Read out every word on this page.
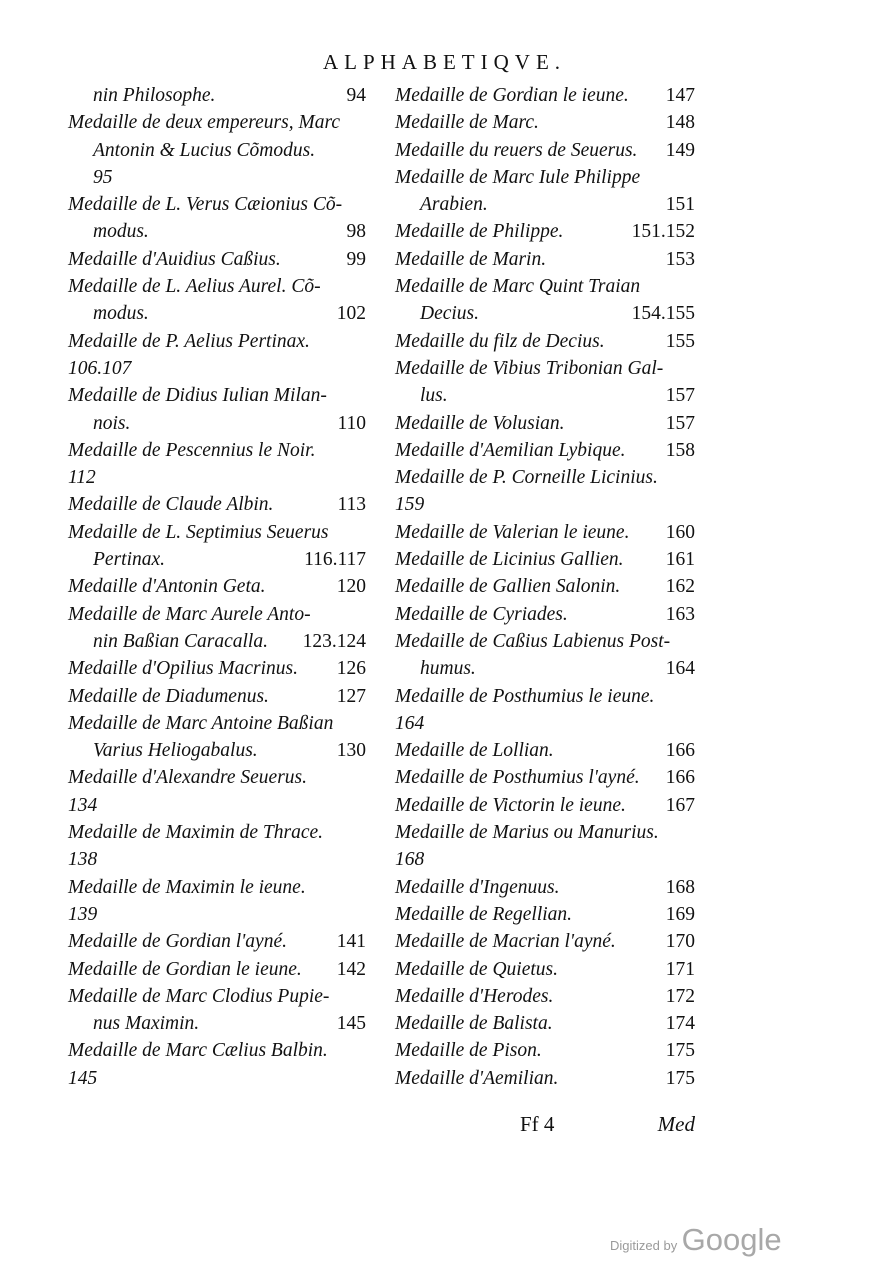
ALPHABETIQVE.
nin Philosophe.	94
Medaille de deux empereurs, Marc
Antonin & Lucius Cõmodus.
95
Medaille de L. Verus Cæionius Cõ-
modus.	98
Medaille d'Auidius Caßius.	99
Medaille de L. Aelius Aurel. Cõ-
modus.	102
Medaille de P. Aelius Pertinax.
106.107
Medaille de Didius Iulian Milan-
nois.	110
Medaille de Pescennius le Noir.
112
Medaille de Claude Albin.	113
Medaille de L. Septimius Seuerus
Pertinax.	116.117
Medaille d'Antonin Geta.	120
Medaille de Marc Aurele Anto-
nin Baßian Caracalla. 123.124
Medaille d'Opilius Macrinus. 126
Medaille de Diadumenus.	127
Medaille de Marc Antoine Baßian
Varius Heliogabalus.	130
Medaille d'Alexandre Seuerus.
134
Medaille de Maximin de Thrace.
138
Medaille de Maximin le ieune.
139
Medaille de Gordian l'ayné.	141
Medaille de Gordian le ieune. 142
Medaille de Marc Clodius Pupie-
nus Maximin.	145
Medaille de Marc Cælius Balbin.
145
Medaille de Gordian le ieune. 147
Medaille de Marc.	148
Medaille du reuers de Seuerus. 149
Medaille de Marc Iule Philippe
Arabien.	151
Medaille de Philippe.	151.152
Medaille de Marin.	153
Medaille de Marc Quint Traian
Decius.	154.155
Medaille du filz de Decius.	155
Medaille de Vibius Tribonian Gal-
lus.	157
Medaille de Volusian.	157
Medaille d'Aemilian Lybique. 158
Medaille de P. Corneille Licinius.
159
Medaille de Valerian le ieune. 160
Medaille de Licinius Gallien. 161
Medaille de Gallien Salonin. 162
Medaille de Cyriades.	163
Medaille de Caßius Labienus Post-
humus.	164
Medaille de Posthumius le ieune.
164
Medaille de Lollian.	166
Medaille de Posthumius l'ayné. 166
Medaille de Victorin le ieune. 167
Medaille de Marius ou Manurius.
168
Medaille d'Ingenuus.	168
Medaille de Regellian.	169
Medaille de Macrian l'ayné.	170
Medaille de Quietus.	171
Medaille d'Herodes.	172
Medaille de Balista.	174
Medaille de Pison.	175
Medaille d'Aemilian.	175
Ff 4	Med
Digitized by Google
